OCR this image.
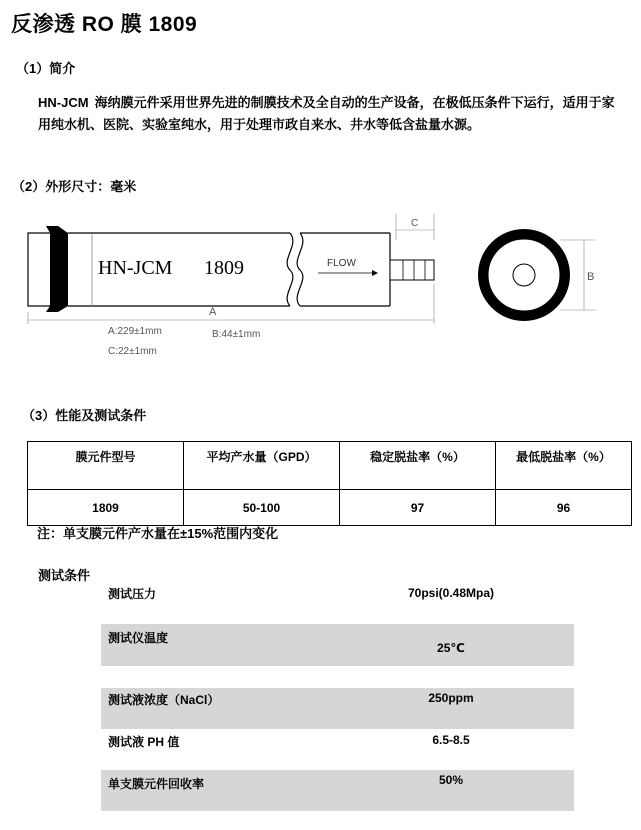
反渗透 RO 膜 1809
（1）简介
HN-JCM 海纳膜元件采用世界先进的制膜技术及全自动的生产设备，在极低压条件下运行，适用于家用纯水机、医院、实验室纯水，用于处理市政自来水、井水等低含盐量水源。
（2）外形尺寸：毫米
HN-JCM 1809	FLOW
C
A
B
A:229±1mm	B:44±1mm
C:22±1mm
（3）性能及测试条件
膜元件型号	平均产水量（GPD）	稳定脱盐率（%）	最低脱盐率（%）
1809	50-100	97	96
注：单支膜元件产水量在±15%范围内变化
测试条件
测试压力	70psi(0.48Mpa)
测试仪温度
25℃
测试液浓度（NaCl）	250ppm
测试液 PH 值	6.5-8.5
单支膜元件回收率	50%
